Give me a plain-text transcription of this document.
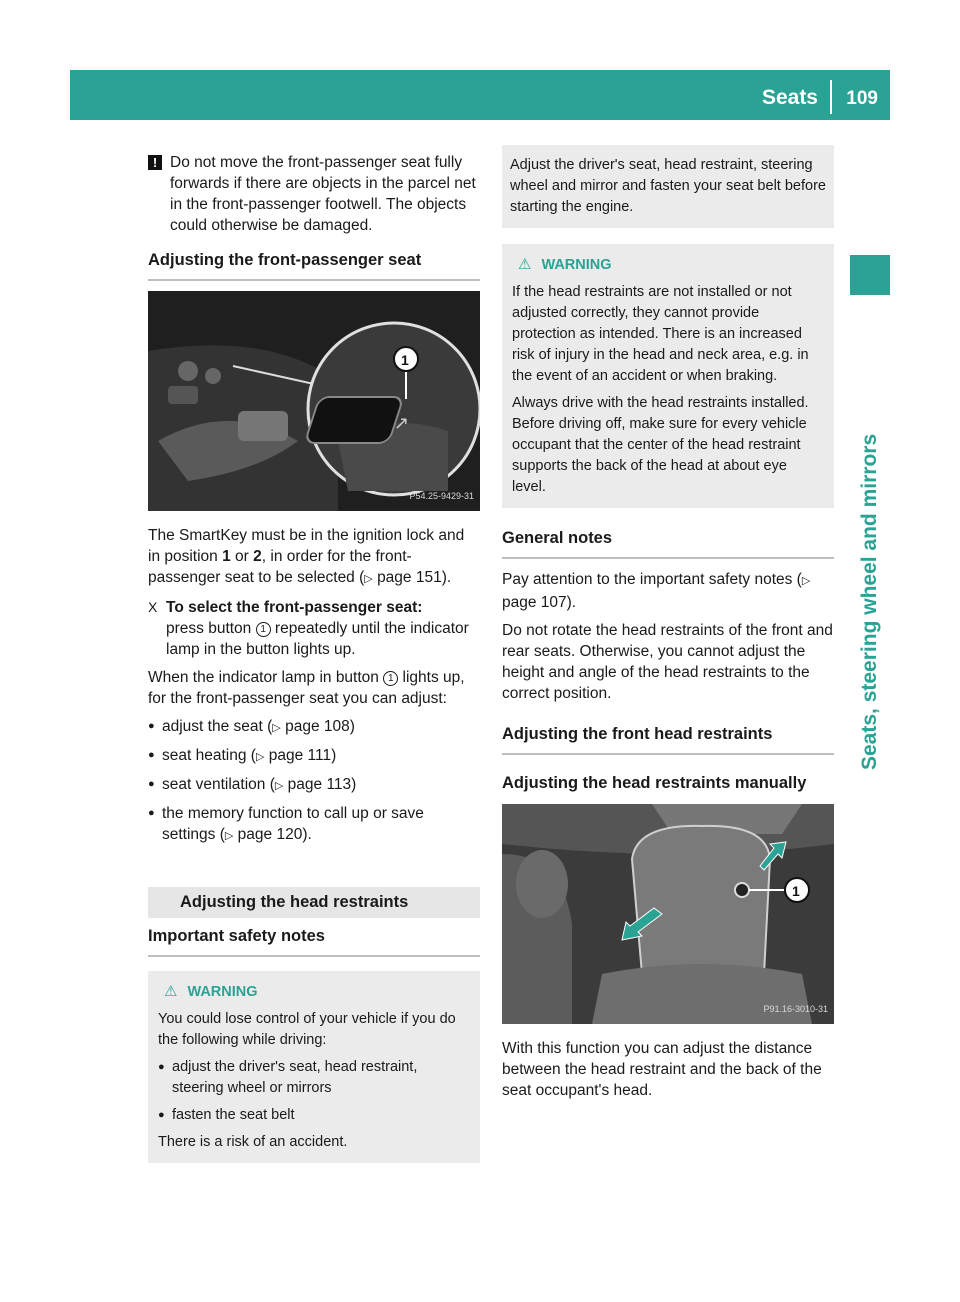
Seats 109
Seats, steering wheel and mirrors
! Do not move the front-passenger seat fully forwards if there are objects in the parcel net in the front-passenger footwell. The objects could otherwise be damaged.
Adjusting the front-passenger seat
↗
1
P54.25-9429-31

The SmartKey must be in the ignition lock and in position 1 or 2, in order for the front-passenger seat to be selected (▷ page 151).

X To select the front-passenger seat:
press button 1 repeatedly until the indicator lamp in the button lights up.

When the indicator lamp in button 1 lights up, for the front-passenger seat you can adjust:

● adjust the seat (▷ page 108)
● seat heating (▷ page 111)
● seat ventilation (▷ page 113)
● the memory function to call up or save settings (▷ page 120).
Adjusting the head restraints
Important safety notes
⚠ WARNING

You could lose control of your vehicle if you do the following while driving:

● adjust the driver's seat, head restraint, steering wheel or mirrors
● fasten the seat belt

There is a risk of an accident.

Adjust the driver's seat, head restraint, steering wheel and mirror and fasten your seat belt before starting the engine.
⚠ WARNING

If the head restraints are not installed or not adjusted correctly, they cannot provide protection as intended. There is an increased risk of injury in the head and neck area, e.g. in the event of an accident or when braking.

Always drive with the head restraints installed. Before driving off, make sure for every vehicle occupant that the center of the head restraint supports the back of the head at about eye level.

General notes

Pay attention to the important safety notes (▷ page 107).

Do not rotate the head restraints of the front and rear seats. Otherwise, you cannot adjust the height and angle of the head restraints to the correct position.

Adjusting the front head restraints
Adjusting the head restraints manually
1
P91.16-3010-31

With this function you can adjust the distance between the head restraint and the back of the seat occupant's head.
